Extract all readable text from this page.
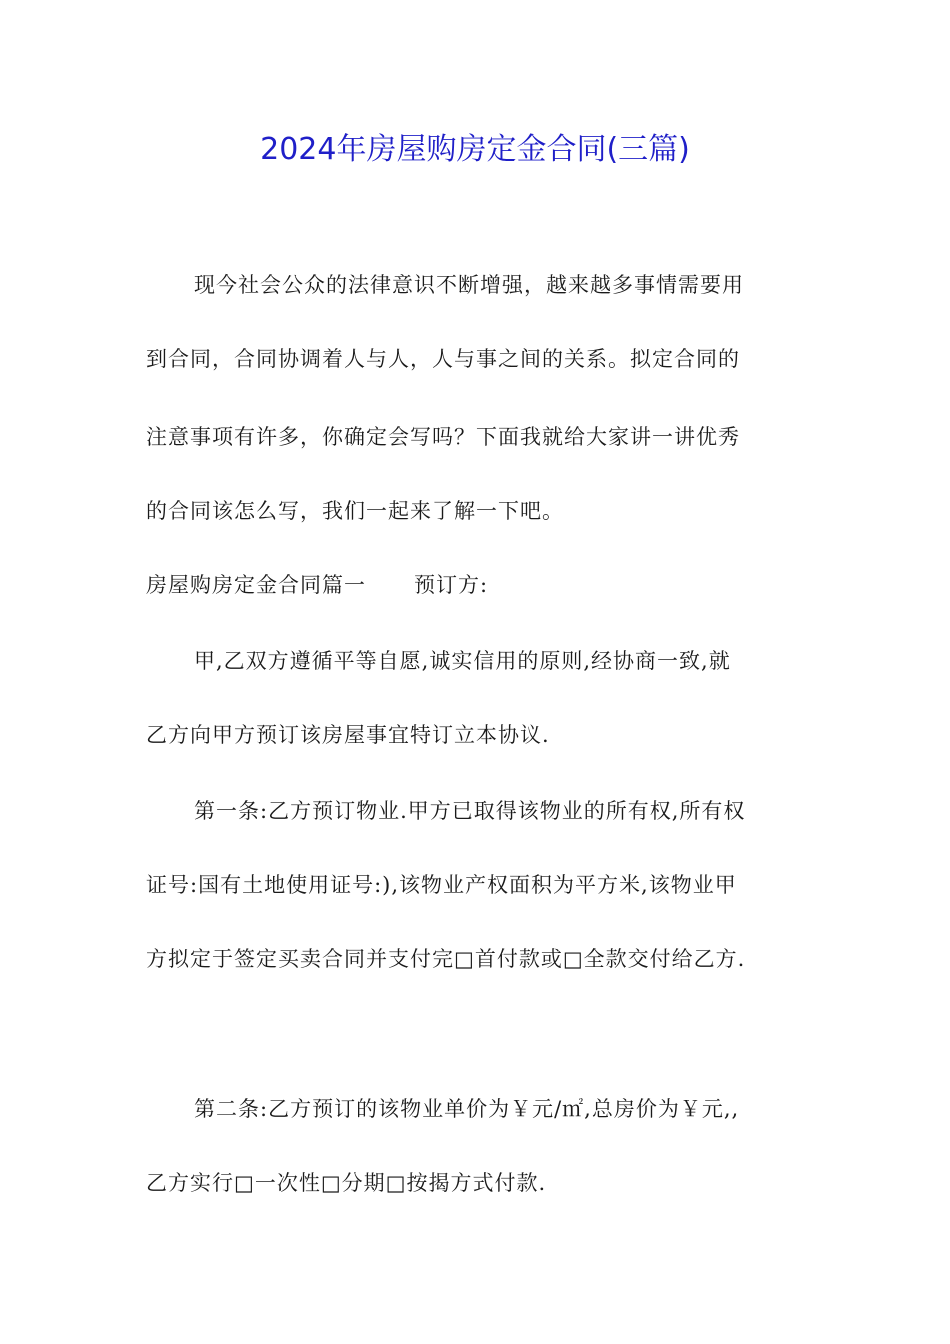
2024年房屋购房定金合同(三篇)
现今社会公众的法律意识不断增强，越来越多事情需要用
到合同，合同协调着人与人，人与事之间的关系。拟定合同的
注意事项有许多，你确定会写吗？下面我就给大家讲一讲优秀
的合同该怎么写，我们一起来了解一下吧。
房屋购房定金合同篇一 预订方:
甲,乙双方遵循平等自愿,诚实信用的原则,经协商一致,就
乙方向甲方预订该房屋事宜特订立本协议.
第一条:乙方预订物业.甲方已取得该物业的所有权,所有权
证号:国有土地使用证号:),该物业产权面积为平方米,该物业甲
方拟定于签定买卖合同并支付完□首付款或□全款交付给乙方.
第二条:乙方预订的该物业单价为￥元/㎡,总房价为￥元,,
乙方实行□一次性□分期□按揭方式付款.
